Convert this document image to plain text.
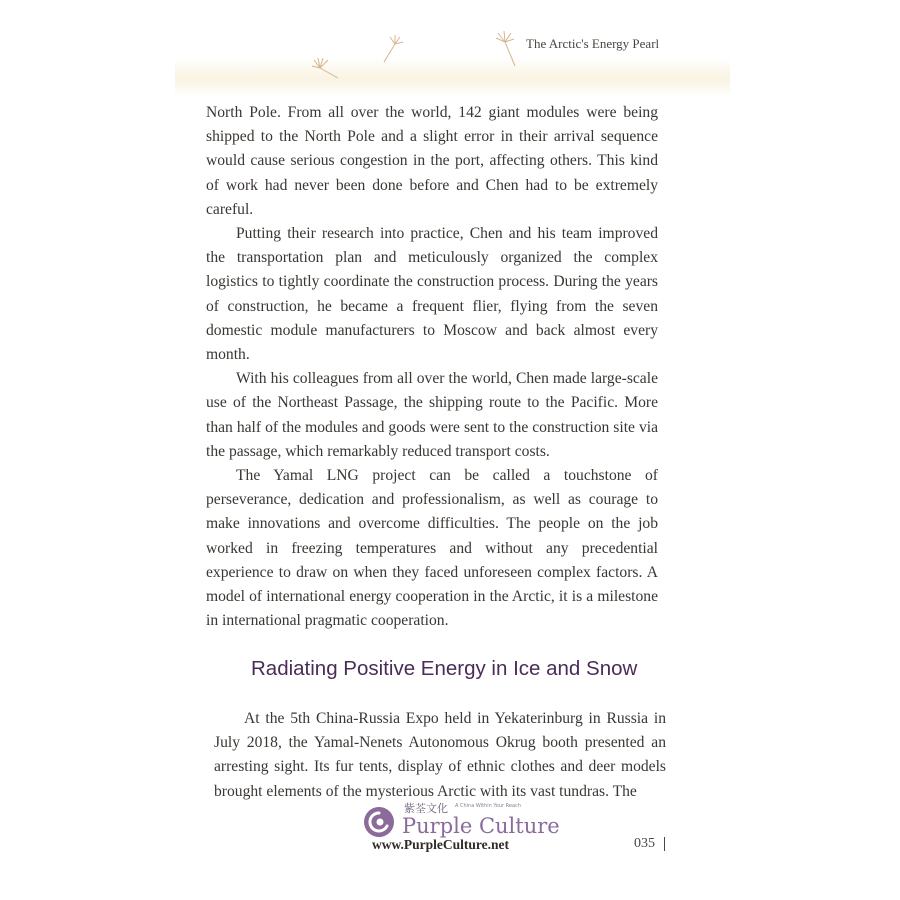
The Arctic's Energy Pearl

North Pole. From all over the world, 142 giant modules were being shipped to the North Pole and a slight error in their arrival sequence would cause serious congestion in the port, affecting others. This kind of work had never been done before and Chen had to be extremely careful.

Putting their research into practice, Chen and his team improved the transportation plan and meticulously organized the complex logistics to tightly coordinate the construction process. During the years of construction, he became a frequent flier, flying from the seven domestic module manufacturers to Moscow and back almost every month.

With his colleagues from all over the world, Chen made large-scale use of the Northeast Passage, the shipping route to the Pacific. More than half of the modules and goods were sent to the construction site via the passage, which remarkably reduced transport costs.

The Yamal LNG project can be called a touchstone of perseverance, dedication and professionalism, as well as courage to make innovations and overcome difficulties. The people on the job worked in freezing temperatures and without any precedential experience to draw on when they faced unforeseen complex factors. A model of international energy cooperation in the Arctic, it is a milestone in international pragmatic cooperation.

Radiating Positive Energy in Ice and Snow

At the 5th China-Russia Expo held in Yekaterinburg in Russia in July 2018, the Yamal-Nenets Autonomous Okrug booth presented an arresting sight. Its fur tents, display of ethnic clothes and deer models brought elements of the mysterious Arctic with its vast tundras. The

紫荃文化 A China Within Your Reach
Purple Culture
www.PurpleCulture.net	035
